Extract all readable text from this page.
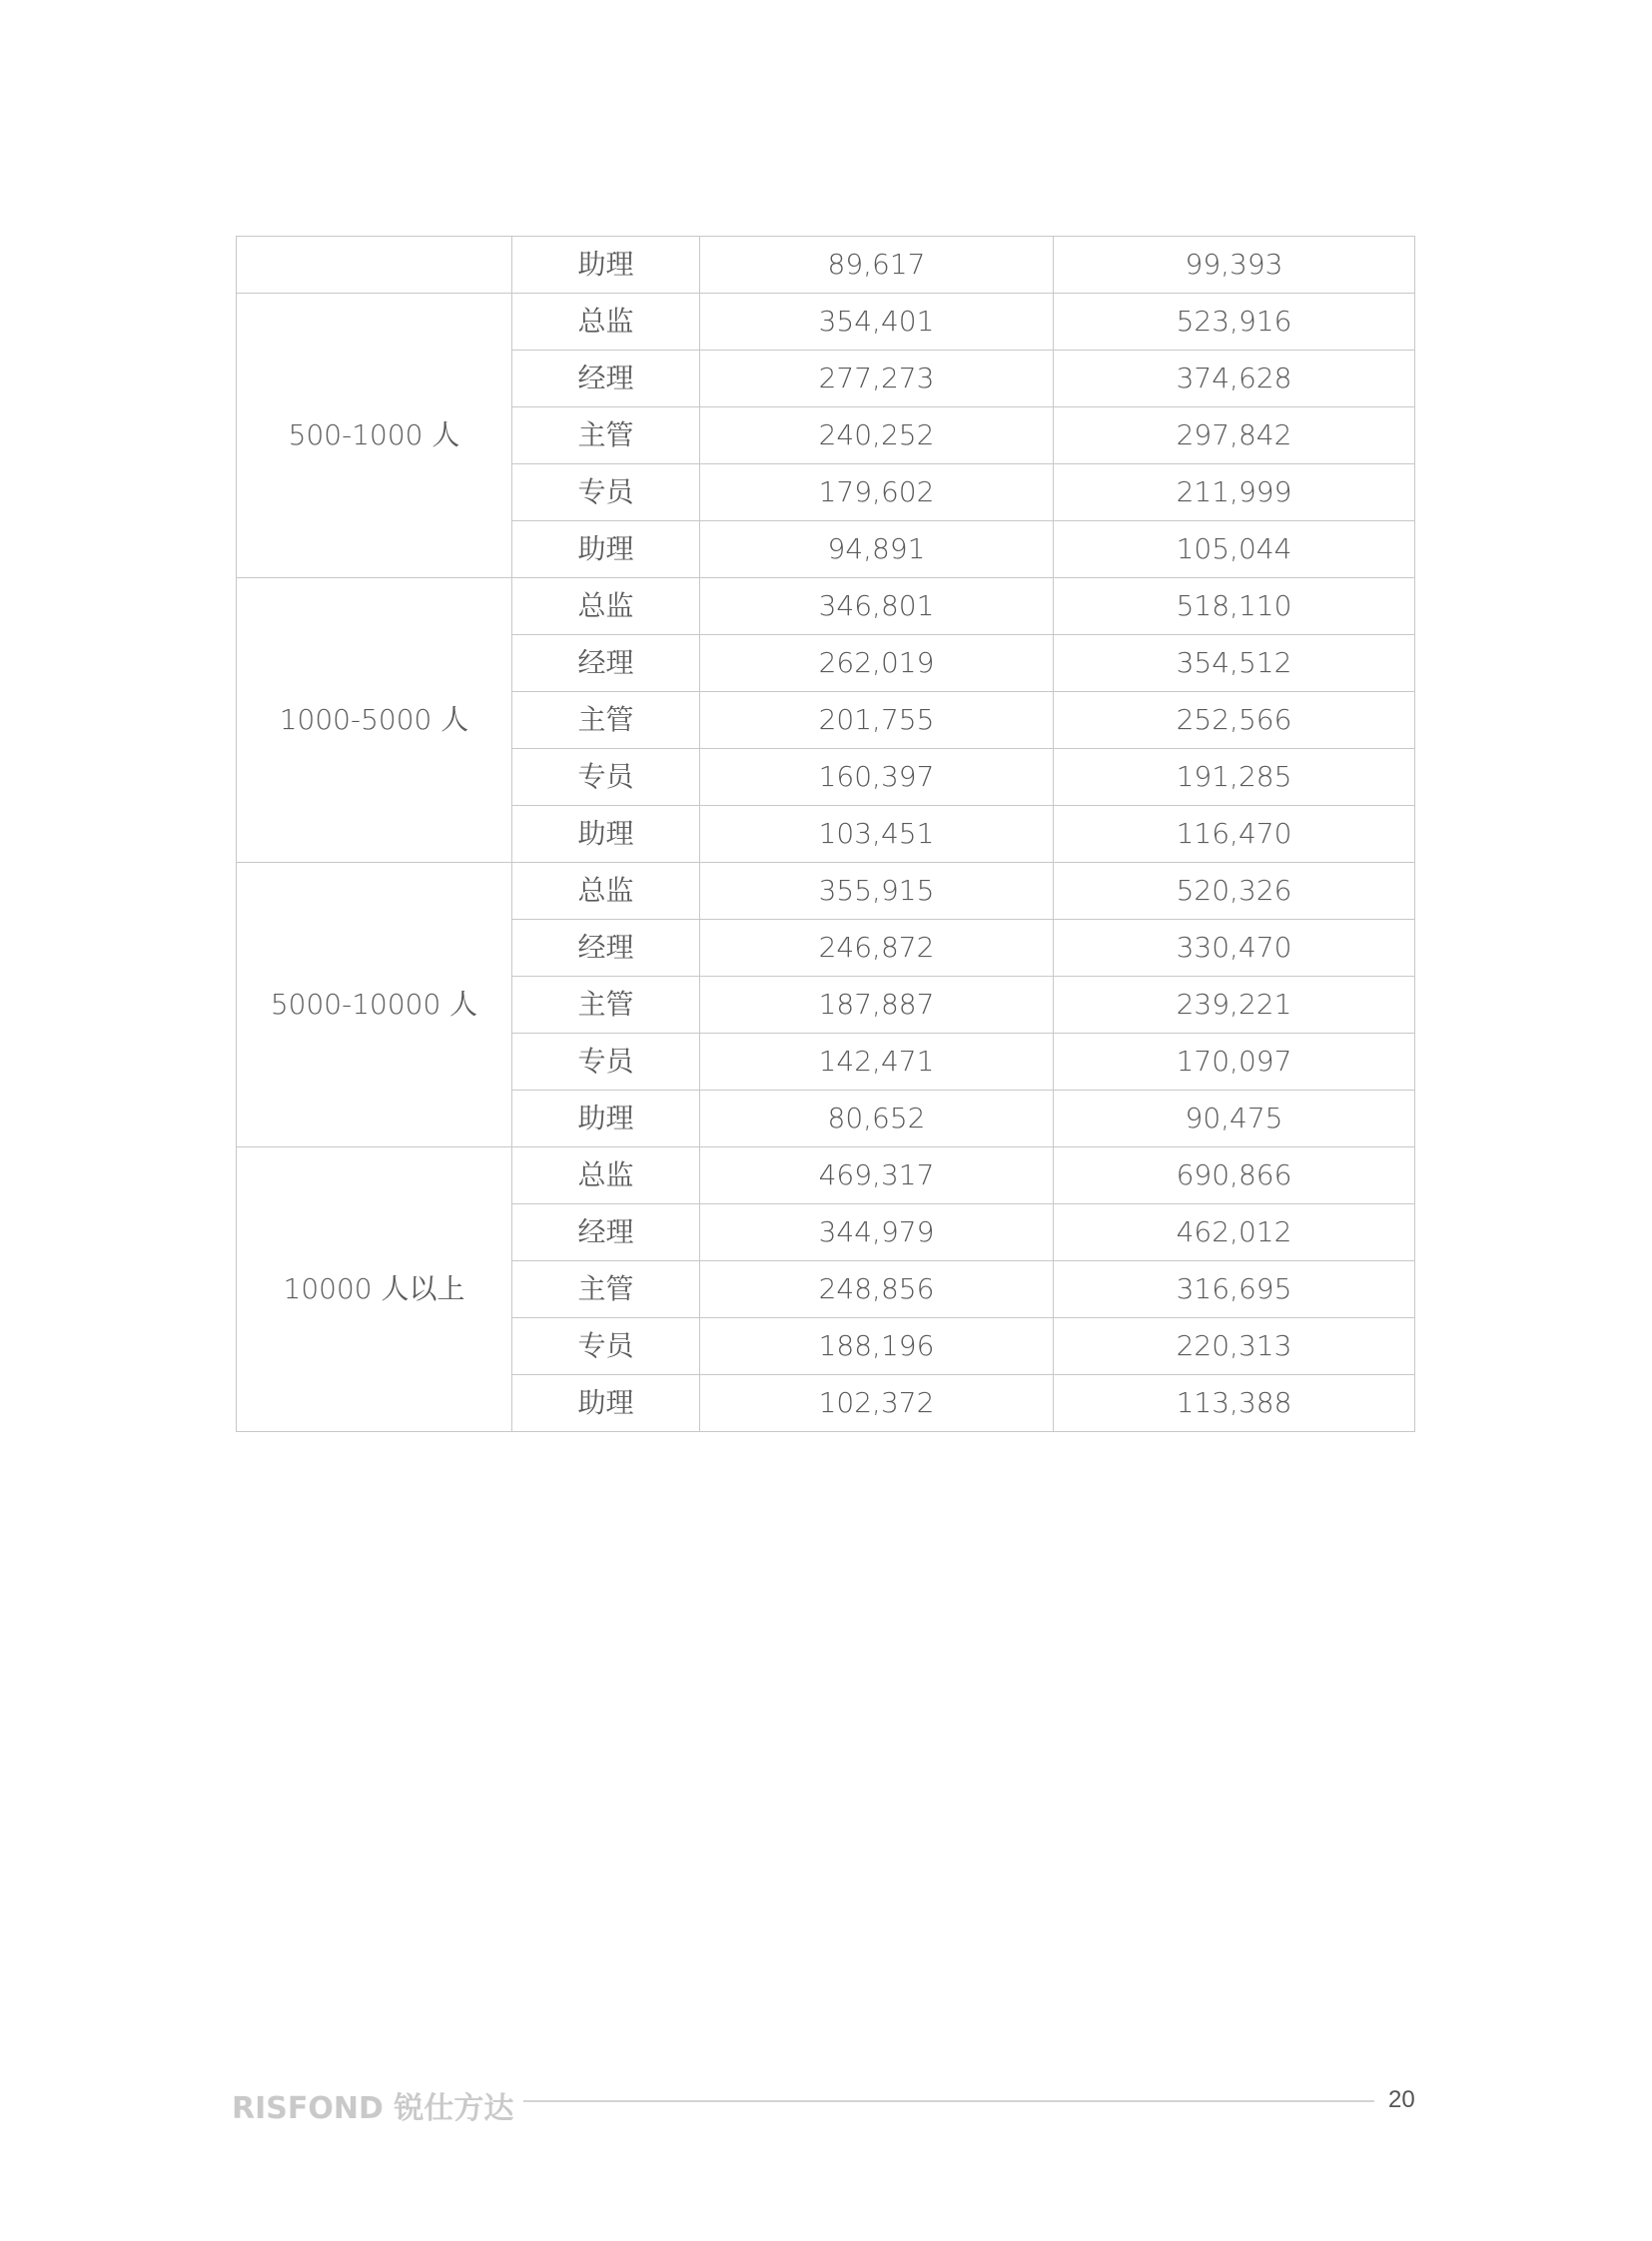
	助理	89,617	99,393
500-1000 人	总监	354,401	523,916
	经理	277,273	374,628
	主管	240,252	297,842
	专员	179,602	211,999
	助理	94,891	105,044
1000-5000 人	总监	346,801	518,110
	经理	262,019	354,512
	主管	201,755	252,566
	专员	160,397	191,285
	助理	103,451	116,470
5000-10000 人	总监	355,915	520,326
	经理	246,872	330,470
	主管	187,887	239,221
	专员	142,471	170,097
	助理	80,652	90,475
10000 人以上	总监	469,317	690,866
	经理	344,979	462,012
	主管	248,856	316,695
	专员	188,196	220,313
	助理	102,372	113,388
RISFOND 锐仕方达	20
